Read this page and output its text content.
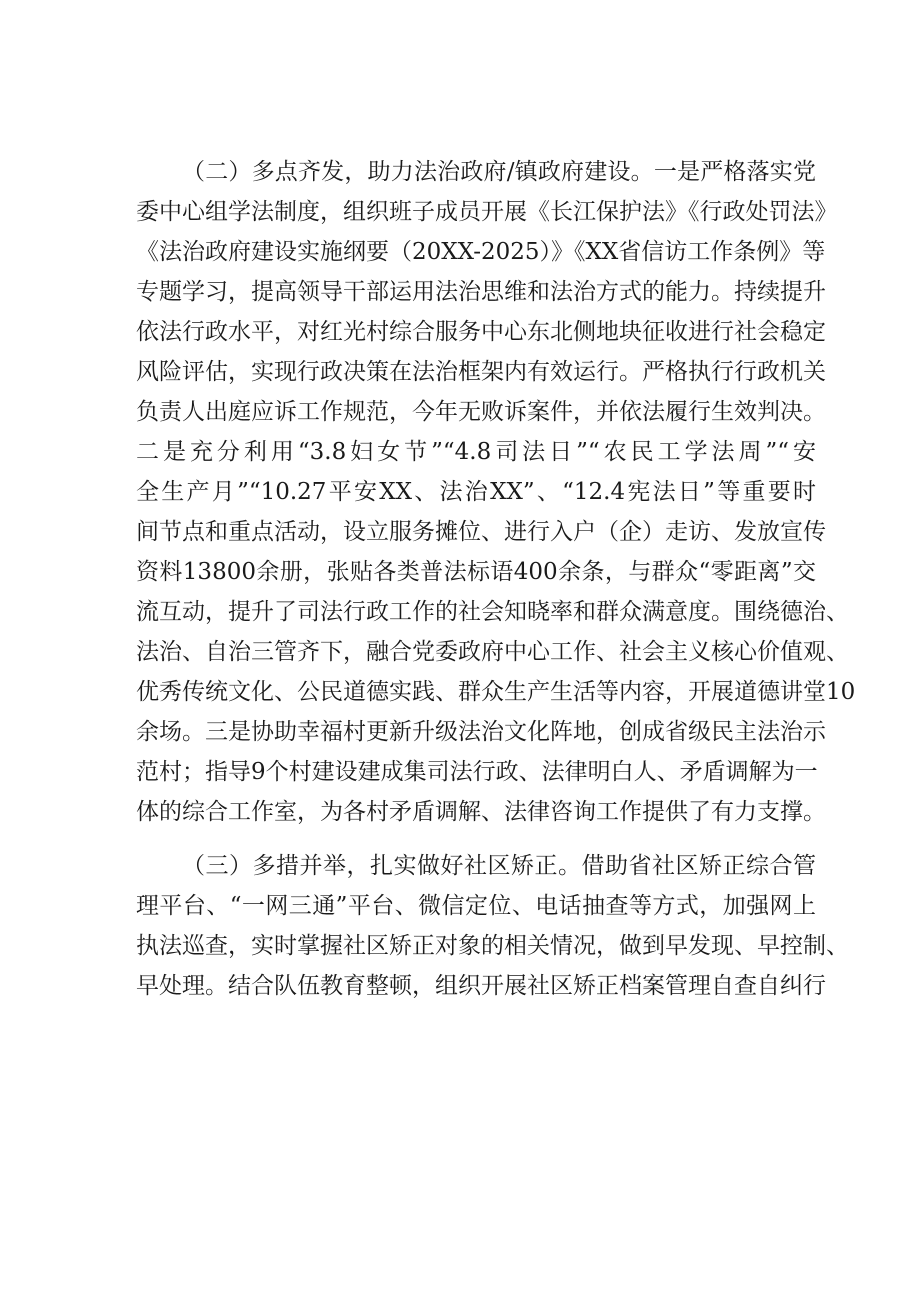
（二）多点齐发，助力法治政府/镇政府建设。一是严格落实党
委中心组学法制度，组织班子成员开展《长江保护法》《行政处罚法》
《法治政府建设实施纲要（20XX-2025）》《XX省信访工作条例》等
专题学习，提高领导干部运用法治思维和法治方式的能力。持续提升
依法行政水平，对红光村综合服务中心东北侧地块征收进行社会稳定
风险评估，实现行政决策在法治框架内有效运行。严格执行行政机关
负责人出庭应诉工作规范，今年无败诉案件，并依法履行生效判决。
二是充分利用“3.8妇女节”“4.8司法日”“农民工学法周”“安
全生产月”“10.27平安XX、法治XX”、“12.4宪法日”等重要时
间节点和重点活动，设立服务摊位、进行入户（企）走访、发放宣传
资料13800余册，张贴各类普法标语400余条，与群众“零距离”交
流互动，提升了司法行政工作的社会知晓率和群众满意度。围绕德治、
法治、自治三管齐下，融合党委政府中心工作、社会主义核心价值观、
优秀传统文化、公民道德实践、群众生产生活等内容，开展道德讲堂10
余场。三是协助幸福村更新升级法治文化阵地，创成省级民主法治示
范村；指导9个村建设建成集司法行政、法律明白人、矛盾调解为一
体的综合工作室，为各村矛盾调解、法律咨询工作提供了有力支撑。
（三）多措并举，扎实做好社区矫正。借助省社区矫正综合管
理平台、“一网三通”平台、微信定位、电话抽查等方式，加强网上
执法巡查，实时掌握社区矫正对象的相关情况，做到早发现、早控制、
早处理。结合队伍教育整顿，组织开展社区矫正档案管理自查自纠行
